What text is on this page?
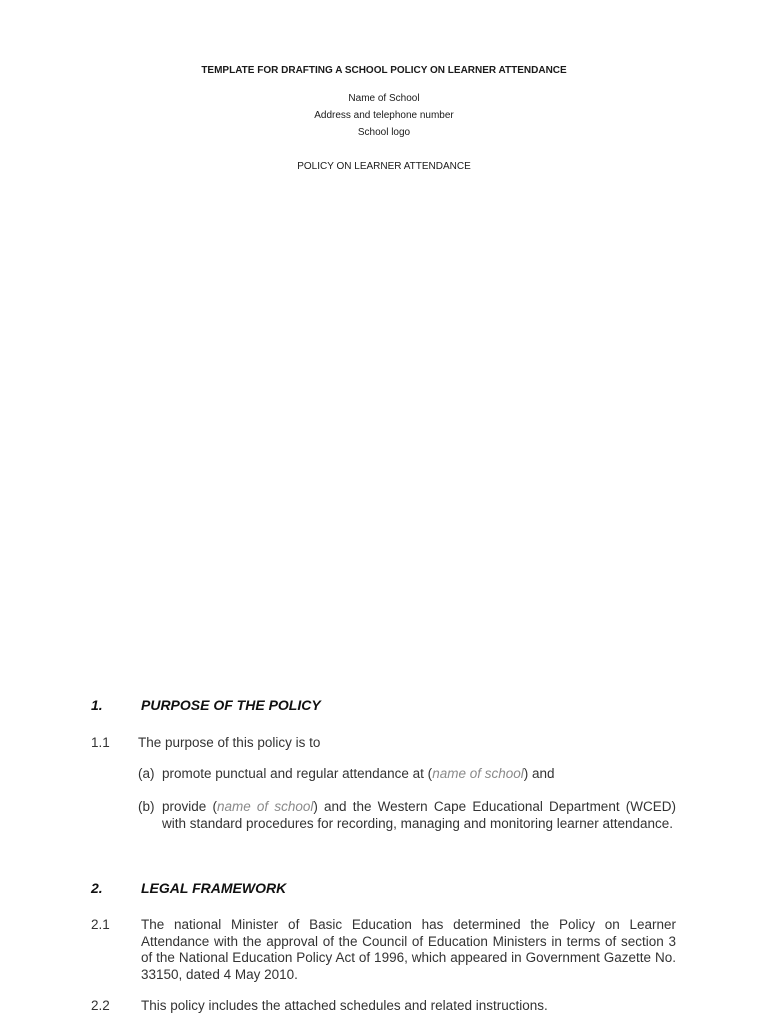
TEMPLATE FOR DRAFTING A SCHOOL POLICY ON LEARNER ATTENDANCE
Name of School
Address and telephone number
School logo
POLICY ON LEARNER ATTENDANCE
1.	PURPOSE OF THE POLICY
1.1 The purpose of this policy is to
(a) promote punctual and regular attendance at (name of school) and
(b) provide (name of school) and the Western Cape Educational Department (WCED) with standard procedures for recording, managing and monitoring learner attendance.
2.	LEGAL FRAMEWORK
2.1 The national Minister of Basic Education has determined the Policy on Learner Attendance with the approval of the Council of Education Ministers in terms of section 3 of the National Education Policy Act of 1996, which appeared in Government Gazette No. 33150, dated 4 May 2010.
2.2 This policy includes the attached schedules and related instructions.
